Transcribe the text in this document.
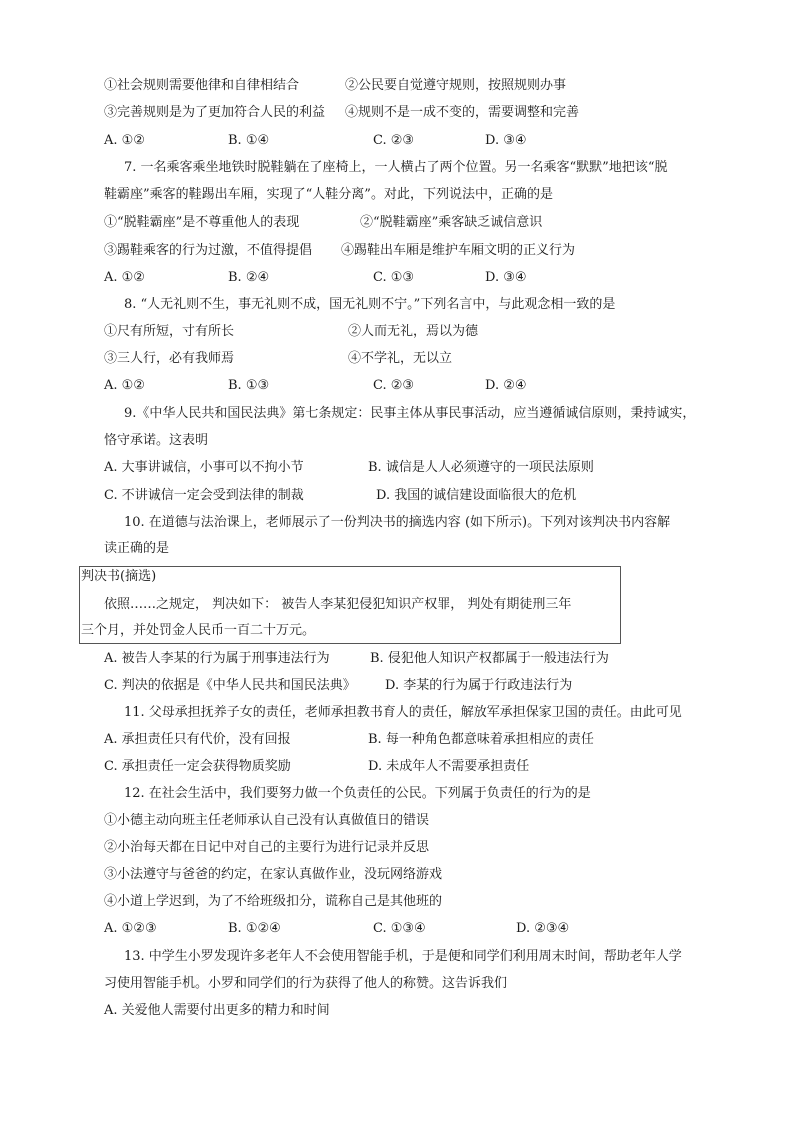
①社会规则需要他律和自律相结合	②公民要自觉遵守规则，按照规则办事
③完善规则是为了更加符合人民的利益 ④规则不是一成不变的，需要调整和完善
A. ①②	B. ①④	C. ②③	D. ③④
7. 一名乘客乘坐地铁时脱鞋躺在了座椅上，一人横占了两个位置。另一名乘客“默默”地把该“脱
鞋霸座”乘客的鞋踢出车厢，实现了“人鞋分离”。对此，下列说法中，正确的是
①“脱鞋霸座”是不尊重他人的表现	②“脱鞋霸座”乘客缺乏诚信意识
③踢鞋乘客的行为过激，不值得提倡 ④踢鞋出车厢是维护车厢文明的正义行为
A. ①②	B. ②④	C. ①③	D. ③④
8. “人无礼则不生，事无礼则不成，国无礼则不宁。”下列名言中，与此观念相一致的是
①尺有所短，寸有所长	②人而无礼，焉以为德
③三人行，必有我师焉	④不学礼，无以立
A. ①②	B. ①③	C. ②③	D. ②④
9.《中华人民共和国民法典》第七条规定：民事主体从事民事活动，应当遵循诚信原则，秉持诚实，
恪守承诺。这表明
A. 大事讲诚信，小事可以不拘小节	B. 诚信是人人必须遵守的一项民法原则
C. 不讲诚信一定会受到法律的制裁	D. 我国的诚信建设面临很大的危机
10. 在道德与法治课上，老师展示了一份判决书的摘选内容 (如下所示)。下列对该判决书内容解
读正确的是
判决书(摘选)
依照……之规定， 判决如下： 被告人李某犯侵犯知识产权罪， 判处有期徒刑三年
三个月，并处罚金人民币一百二十万元。
A. 被告人李某的行为属于刑事违法行为	B. 侵犯他人知识产权都属于一般违法行为
C. 判决的依据是《中华人民共和国民法典》 D. 李某的行为属于行政违法行为
11. 父母承担抚养子女的责任，老师承担教书育人的责任，解放军承担保家卫国的责任。由此可见
A. 承担责任只有代价，没有回报	B. 每一种角色都意味着承担相应的责任
C. 承担责任一定会获得物质奖励	D. 未成年人不需要承担责任
12. 在社会生活中，我们要努力做一个负责任的公民。下列属于负责任的行为的是
①小德主动向班主任老师承认自己没有认真做值日的错误
②小治每天都在日记中对自己的主要行为进行记录并反思
③小法遵守与爸爸的约定，在家认真做作业，没玩网络游戏
④小道上学迟到，为了不给班级扣分，谎称自己是其他班的
A. ①②③	B. ①②④	C. ①③④	D. ②③④
13. 中学生小罗发现许多老年人不会使用智能手机，于是便和同学们利用周末时间，帮助老年人学
习使用智能手机。小罗和同学们的行为获得了他人的称赞。这告诉我们
A. 关爱他人需要付出更多的精力和时间
